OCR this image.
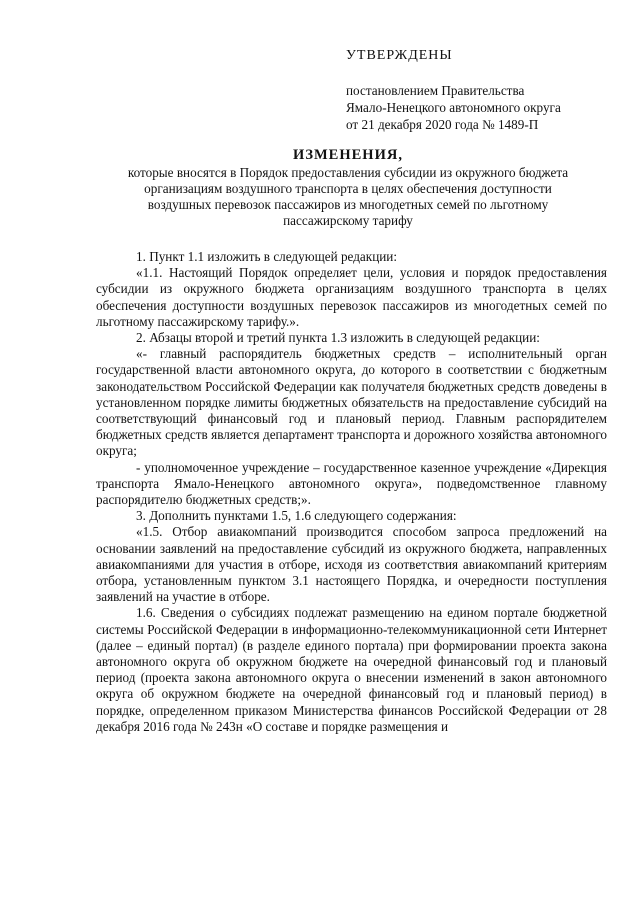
УТВЕРЖДЕНЫ
постановлением Правительства
Ямало-Ненецкого автономного округа
от 21 декабря 2020 года № 1489-П
ИЗМЕНЕНИЯ,
которые вносятся в Порядок предоставления субсидии из окружного бюджета
организациям воздушного транспорта в целях обеспечения доступности
воздушных перевозок пассажиров из многодетных семей по льготному
пассажирскому тарифу

1. Пункт 1.1 изложить в следующей редакции:

«1.1. Настоящий Порядок определяет цели, условия и порядок предоставления субсидии из окружного бюджета организациям воздушного транспорта в целях обеспечения доступности воздушных перевозок пассажиров из многодетных семей по льготному пассажирскому тарифу.».

2. Абзацы второй и третий пункта 1.3 изложить в следующей редакции:

«- главный распорядитель бюджетных средств – исполнительный орган государственной власти автономного округа, до которого в соответствии с бюджетным законодательством Российской Федерации как получателя бюджетных средств доведены в установленном порядке лимиты бюджетных обязательств на предоставление субсидий на соответствующий финансовый год и плановый период. Главным распорядителем бюджетных средств является департамент транспорта и дорожного хозяйства автономного округа;

- уполномоченное учреждение – государственное казенное учреждение «Дирекция транспорта Ямало-Ненецкого автономного округа», подведомственное главному распорядителю бюджетных средств;».

3. Дополнить пунктами 1.5, 1.6 следующего содержания:

«1.5. Отбор авиакомпаний производится способом запроса предложений на основании заявлений на предоставление субсидий из окружного бюджета, направленных авиакомпаниями для участия в отборе, исходя из соответствия авиакомпаний критериям отбора, установленным пунктом 3.1 настоящего Порядка, и очередности поступления заявлений на участие в отборе.

1.6. Сведения о субсидиях подлежат размещению на едином портале бюджетной системы Российской Федерации в информационно-телекоммуникационной сети Интернет (далее – единый портал) (в разделе единого портала) при формировании проекта закона автономного округа об окружном бюджете на очередной финансовый год и плановый период (проекта закона автономного округа о внесении изменений в закон автономного округа об окружном бюджете на очередной финансовый год и плановый период) в порядке, определенном приказом Министерства финансов Российской Федерации от 28 декабря 2016 года № 243н «О составе и порядке размещения и
